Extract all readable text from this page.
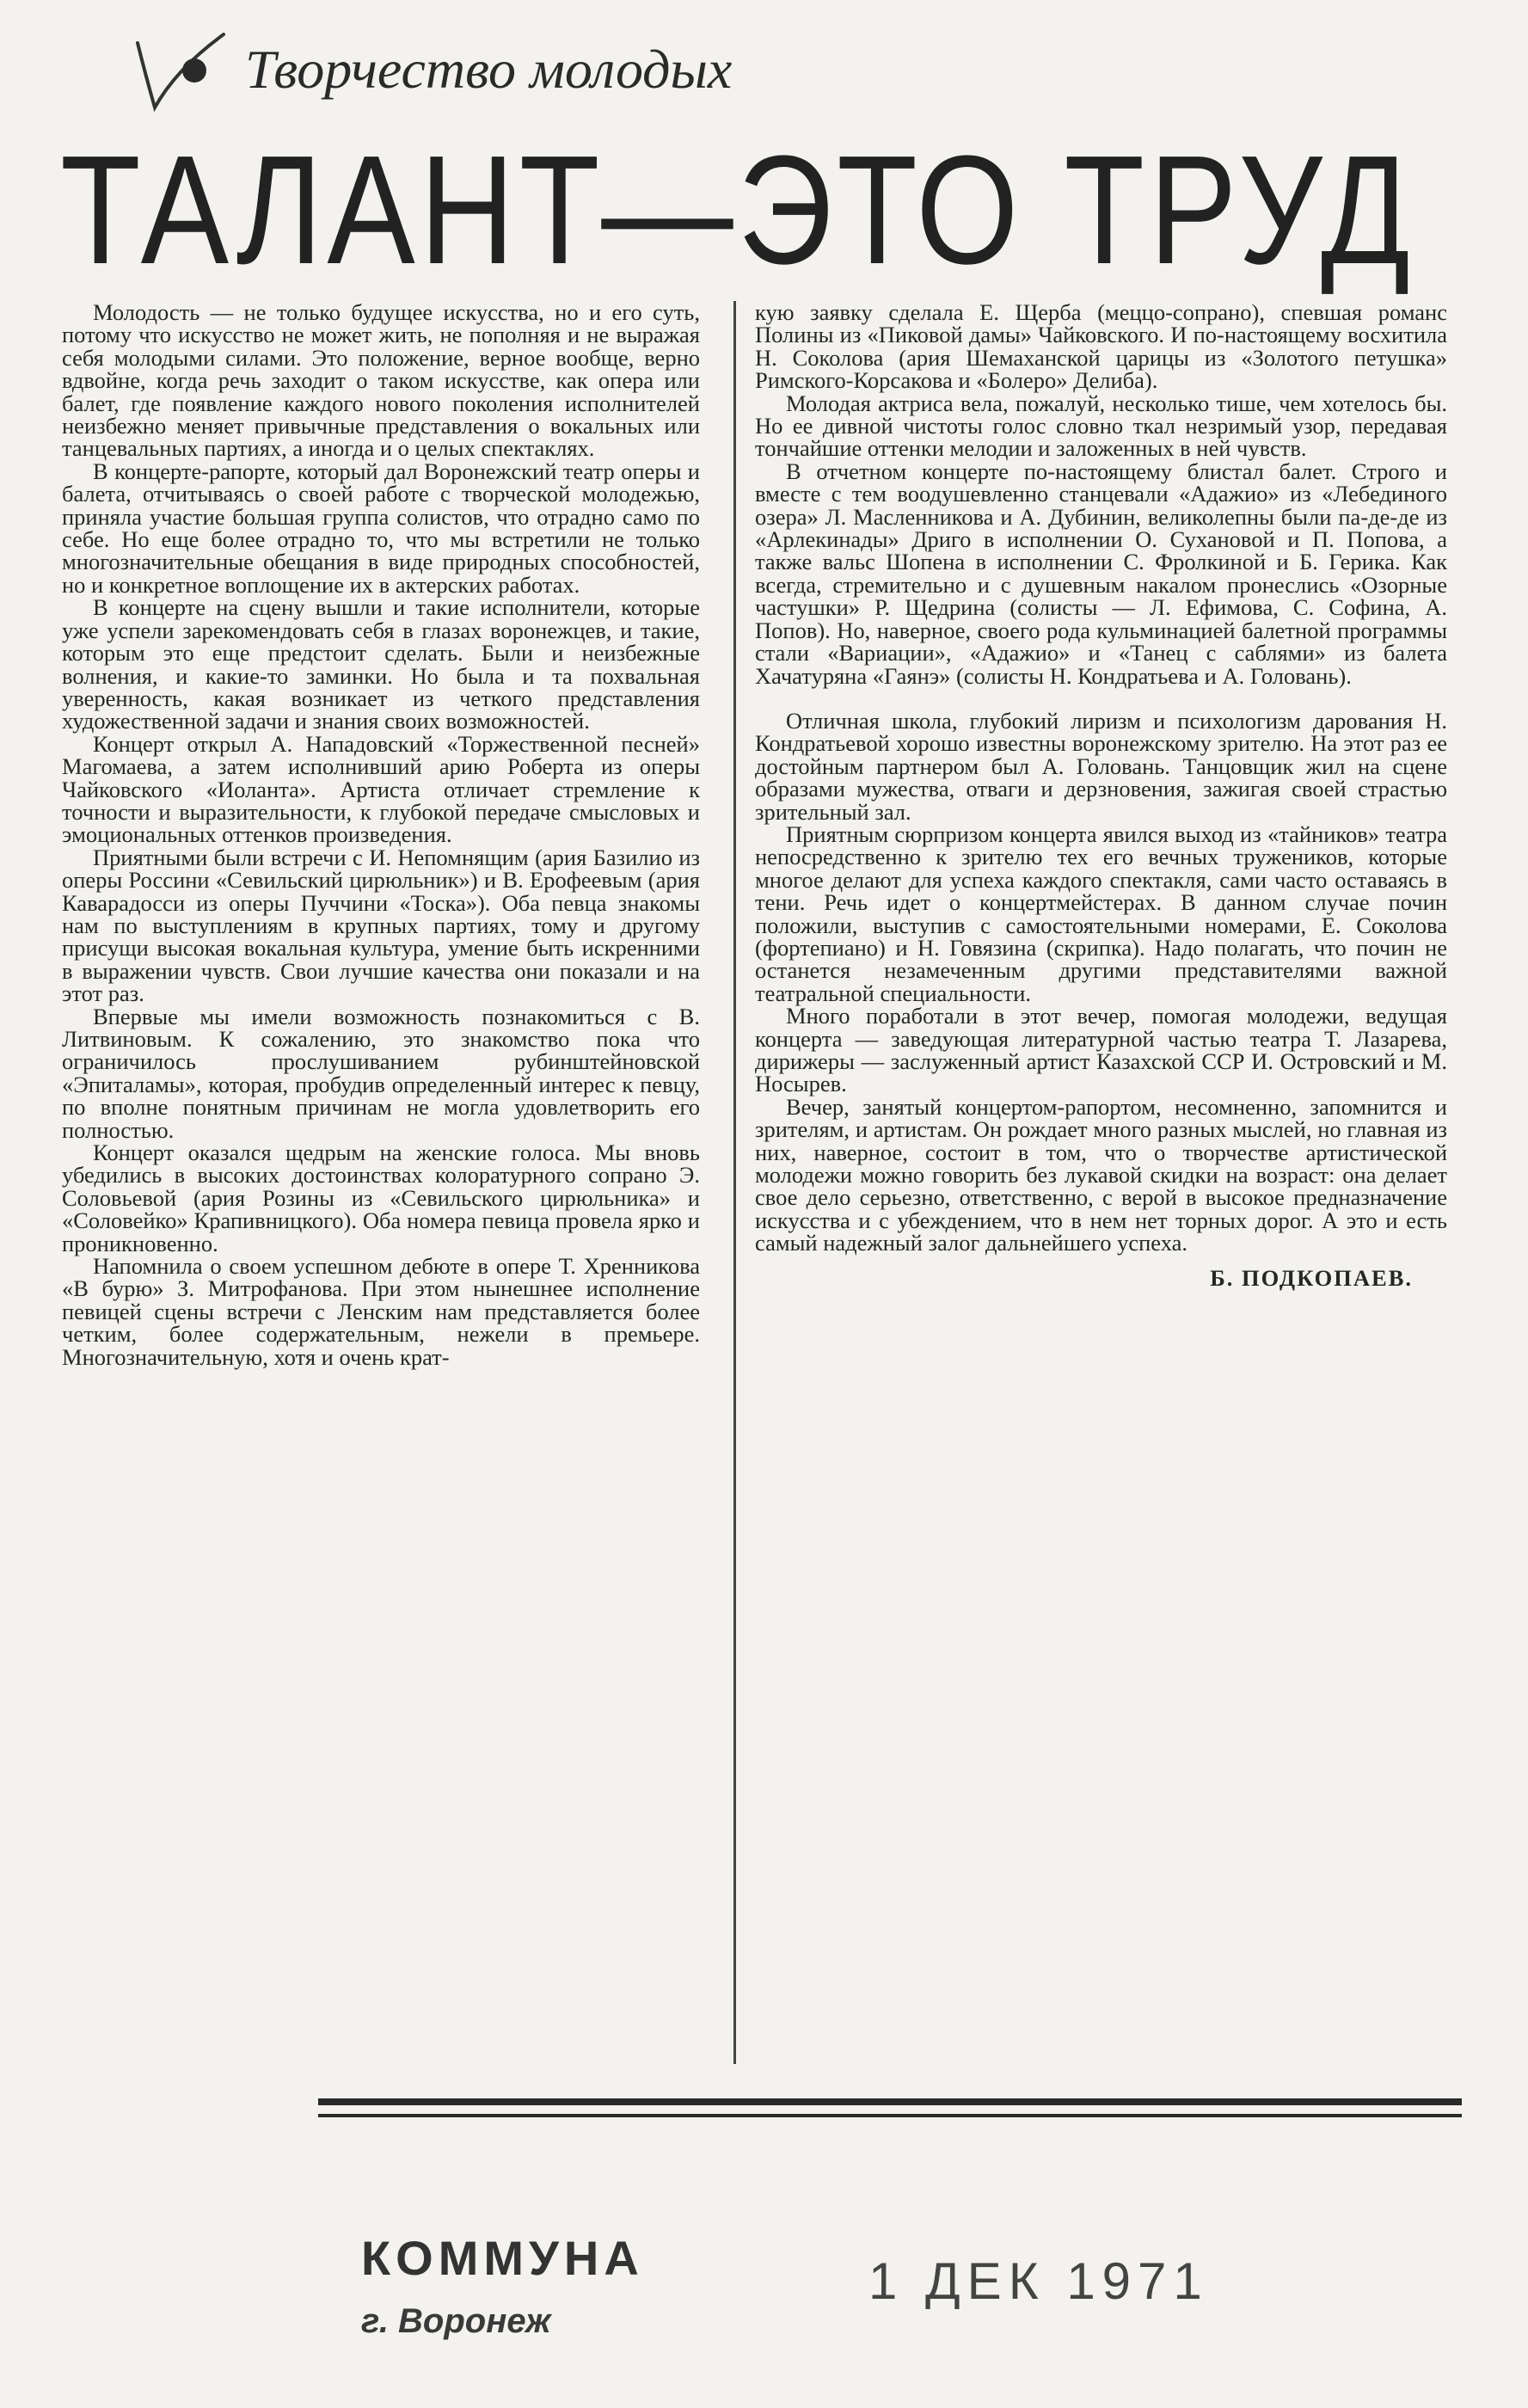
Творчество молодых
ТАЛАНТ—ЭТО ТРУД

Молодость — не только будущее искусства, но и его суть, потому что искусство не может жить, не пополняя и не выражая себя молодыми силами. Это положение, верное вообще, верно вдвойне, когда речь заходит о таком искусстве, как опера или балет, где появление каждого нового поколения исполнителей неизбежно меняет привычные представления о вокальных или танцевальных партиях, а иногда и о целых спектаклях.

В концерте-рапорте, который дал Воронежский театр оперы и балета, отчитываясь о своей работе с творческой молодежью, приняла участие большая группа солистов, что отрадно само по себе. Но еще более отрадно то, что мы встретили не только многозначительные обещания в виде природных способностей, но и конкретное воплощение их в актерских работах.

В концерте на сцену вышли и такие исполнители, которые уже успели зарекомендовать себя в глазах воронежцев, и такие, которым это еще предстоит сделать. Были и неизбежные волнения, и какие-то заминки. Но была и та похвальная уверенность, какая возникает из четкого представления художественной задачи и знания своих возможностей.

Концерт открыл А. Нападовский «Торжественной песней» Магомаева, а затем исполнивший арию Роберта из оперы Чайковского «Иоланта». Артиста отличает стремление к точности и выразительности, к глубокой передаче смысловых и эмоциональных оттенков произведения.

Приятными были встречи с И. Непомнящим (ария Базилио из оперы Россини «Севильский цирюльник») и В. Ерофеевым (ария Каварадосси из оперы Пуччини «Тоска»). Оба певца знакомы нам по выступлениям в крупных партиях, тому и другому присущи высокая вокальная культура, умение быть искренними в выражении чувств. Свои лучшие качества они показали и на этот раз.

Впервые мы имели возможность познакомиться с В. Литвиновым. К сожалению, это знакомство пока что ограничилось прослушиванием рубинштейновской «Эпиталамы», которая, пробудив определенный интерес к певцу, по вполне понятным причинам не могла удовлетворить его полностью.

Концерт оказался щедрым на женские голоса. Мы вновь убедились в высоких достоинствах колоратурного сопрано Э. Соловьевой (ария Розины из «Севильского цирюльника» и «Соловейко» Крапивницкого). Оба номера певица провела ярко и проникновенно.

Напомнила о своем успешном дебюте в опере Т. Хренникова «В бурю» З. Митрофанова. При этом нынешнее исполнение певицей сцены встречи с Ленским нам представляется более четким, более содержательным, нежели в премьере. Многозначительную, хотя и очень крат-

кую заявку сделала Е. Щерба (меццо-сопрано), спевшая романс Полины из «Пиковой дамы» Чайковского. И по-настоящему восхитила Н. Соколова (ария Шемаханской царицы из «Золотого петушка» Римского-Корсакова и «Болеро» Делиба).

Молодая актриса вела, пожалуй, несколько тише, чем хотелось бы. Но ее дивной чистоты голос словно ткал незримый узор, передавая тончайшие оттенки мелодии и заложенных в ней чувств.

В отчетном концерте по-настоящему блистал балет. Строго и вместе с тем воодушевленно станцевали «Адажио» из «Лебединого озера» Л. Масленникова и А. Дубинин, великолепны были па-де-де из «Арлекинады» Дриго в исполнении О. Сухановой и П. Попова, а также вальс Шопена в исполнении С. Фролкиной и Б. Герика. Как всегда, стремительно и с душевным накалом пронеслись «Озорные частушки» Р. Щедрина (солисты — Л. Ефимова, С. Софина, А. Попов). Но, наверное, своего рода кульминацией балетной программы стали «Вариации», «Адажио» и «Танец с саблями» из балета Хачатуряна «Гаянэ» (солисты Н. Кондратьева и А. Головань).

Отличная школа, глубокий лиризм и психологизм дарования Н. Кондратьевой хорошо известны воронежскому зрителю. На этот раз ее достойным партнером был А. Головань. Танцовщик жил на сцене образами мужества, отваги и дерзновения, зажигая своей страстью зрительный зал.

Приятным сюрпризом концерта явился выход из «тайников» театра непосредственно к зрителю тех его вечных тружеников, которые многое делают для успеха каждого спектакля, сами часто оставаясь в тени. Речь идет о концертмейстерах. В данном случае почин положили, выступив с самостоятельными номерами, Е. Соколова (фортепиано) и Н. Говязина (скрипка). Надо полагать, что почин не останется незамеченным другими представителями важной театральной специальности.

Много поработали в этот вечер, помогая молодежи, ведущая концерта — заведующая литературной частью театра Т. Лазарева, дирижеры — заслуженный артист Казахской ССР И. Островский и М. Носырев.

Вечер, занятый концертом-рапортом, несомненно, запомнится и зрителям, и артистам. Он рождает много разных мыслей, но главная из них, наверное, состоит в том, что о творчестве артистической молодежи можно говорить без лукавой скидки на возраст: она делает свое дело серьезно, ответственно, с верой в высокое предназначение искусства и с убеждением, что в нем нет торных дорог. А это и есть самый надежный залог дальнейшего успеха.

Б. ПОДКОПАЕВ.
КОММУНА
г. Воронеж
1 ДЕК 1971
